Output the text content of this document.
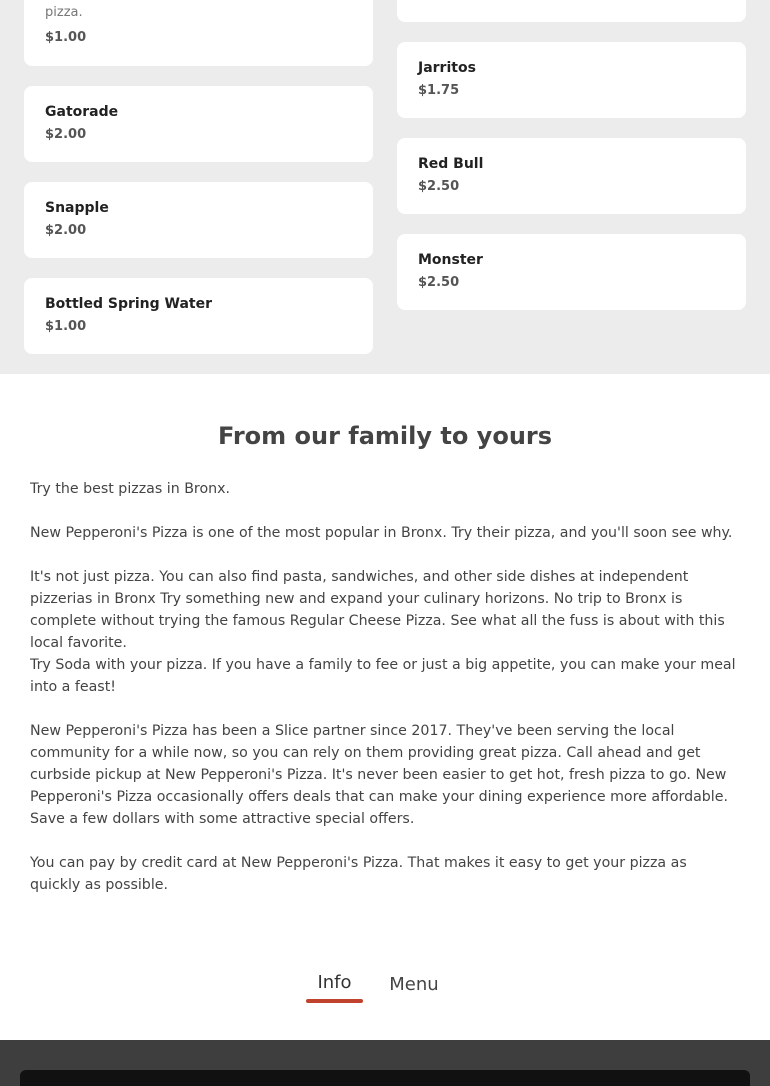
pizza.
$1.00
Gatorade
$2.00
Snapple
$2.00
Bottled Spring Water
$1.00
Jarritos
$1.75
Red Bull
$2.50
Monster
$2.50
From our family to yours

Try the best pizzas in Bronx.

New Pepperoni's Pizza is one of the most popular in Bronx. Try their pizza, and you'll soon see why.

It's not just pizza. You can also find pasta, sandwiches, and other side dishes at independent pizzerias in Bronx Try something new and expand your culinary horizons. No trip to Bronx is complete without trying the famous Regular Cheese Pizza. See what all the fuss is about with this local favorite.

Try Soda with your pizza. If you have a family to fee or just a big appetite, you can make your meal into a feast!

New Pepperoni's Pizza has been a Slice partner since 2017. They've been serving the local community for a while now, so you can rely on them providing great pizza. Call ahead and get curbside pickup at New Pepperoni's Pizza. It's never been easier to get hot, fresh pizza to go. New Pepperoni's Pizza occasionally offers deals that can make your dining experience more affordable. Save a few dollars with some attractive special offers.

You can pay by credit card at New Pepperoni's Pizza. That makes it easy to get your pizza as quickly as possible.

Info	Menu
